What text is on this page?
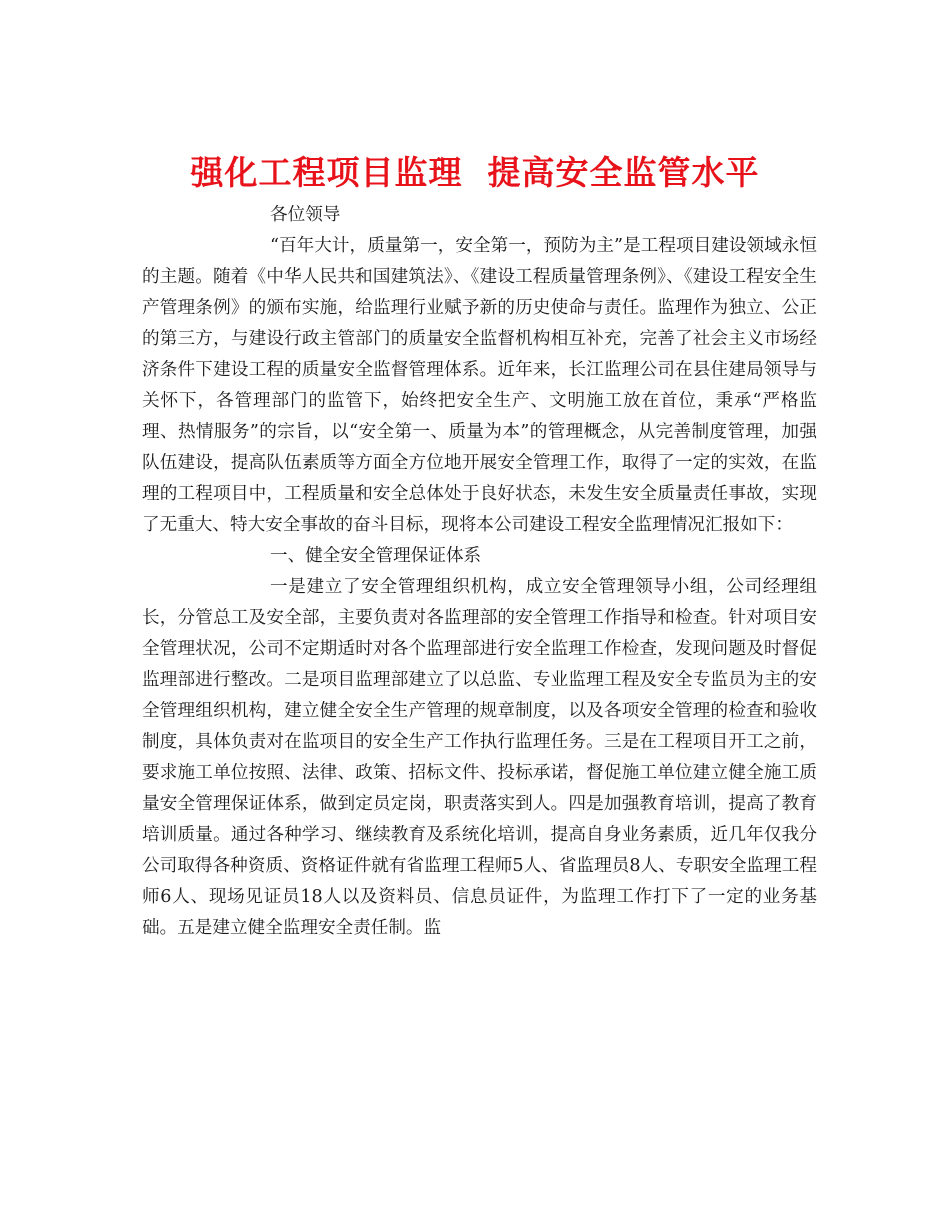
强化工程项目监理  提高安全监管水平

各位领导

“百年大计，质量第一，安全第一，预防为主”是工程项目建设领域永恒的主题。随着《中华人民共和国建筑法》、《建设工程质量管理条例》、《建设工程安全生产管理条例》的颁布实施，给监理行业赋予新的历史使命与责任。监理作为独立、公正的第三方，与建设行政主管部门的质量安全监督机构相互补充，完善了社会主义市场经济条件下建设工程的质量安全监督管理体系。近年来，长江监理公司在县住建局领导与关怀下，各管理部门的监管下，始终把安全生产、文明施工放在首位，秉承“严格监理、热情服务”的宗旨，以“安全第一、质量为本”的管理概念，从完善制度管理，加强队伍建设，提高队伍素质等方面全方位地开展安全管理工作，取得了一定的实效，在监理的工程项目中，工程质量和安全总体处于良好状态，未发生安全质量责任事故，实现了无重大、特大安全事故的奋斗目标，现将本公司建设工程安全监理情况汇报如下：

一、健全安全管理保证体系

一是建立了安全管理组织机构，成立安全管理领导小组，公司经理组长，分管总工及安全部，主要负责对各监理部的安全管理工作指导和检查。针对项目安全管理状况，公司不定期适时对各个监理部进行安全监理工作检查，发现问题及时督促监理部进行整改。二是项目监理部建立了以总监、专业监理工程及安全专监员为主的安全管理组织机构，建立健全安全生产管理的规章制度，以及各项安全管理的检查和验收制度，具体负责对在监项目的安全生产工作执行监理任务。三是在工程项目开工之前，要求施工单位按照、法律、政策、招标文件、投标承诺，督促施工单位建立健全施工质量安全管理保证体系，做到定员定岗，职责落实到人。四是加强教育培训，提高了教育培训质量。通过各种学习、继续教育及系统化培训，提高自身业务素质，近几年仅我分公司取得各种资质、资格证件就有省监理工程师5人、省监理员8人、专职安全监理工程师6人、现场见证员18人以及资料员、信息员证件，为监理工作打下了一定的业务基础。五是建立健全监理安全责任制。监
